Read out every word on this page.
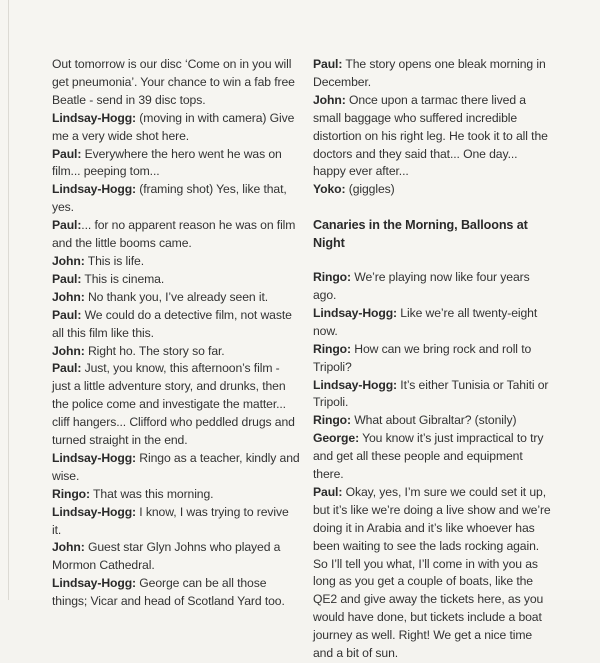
Out tomorrow is our disc ‘Come on in you will get pneumonia’. Your chance to win a fab free Beatle - send in 39 disc tops.

Lindsay-Hogg: (moving in with camera) Give me a very wide shot here.

Paul: Everywhere the hero went he was on film... peeping tom...

Lindsay-Hogg: (framing shot) Yes, like that, yes.

Paul:... for no apparent reason he was on film and the little booms came.

John: This is life.

Paul: This is cinema.

John: No thank you, I’ve already seen it.

Paul: We could do a detective film, not waste all this film like this.

John: Right ho. The story so far.

Paul: Just, you know, this afternoon’s film - just a little adventure story, and drunks, then the police come and investigate the matter... cliff hangers... Clifford who peddled drugs and turned straight in the end.

Lindsay-Hogg: Ringo as a teacher, kindly and wise.

Ringo: That was this morning.

Lindsay-Hogg: I know, I was trying to revive it.

John: Guest star Glyn Johns who played a Mormon Cathedral.

Lindsay-Hogg: George can be all those things; Vicar and head of Scotland Yard too.

Paul: The story opens one bleak morning in December.

John: Once upon a tarmac there lived a small baggage who suffered incredible distortion on his right leg. He took it to all the doctors and they said that... One day... happy ever after...

Yoko: (giggles)

Canaries in the Morning, Balloons at Night

Ringo: We’re playing now like four years ago.

Lindsay-Hogg: Like we’re all twenty-eight now.

Ringo: How can we bring rock and roll to Tripoli?

Lindsay-Hogg: It’s either Tunisia or Tahiti or Tripoli.

Ringo: What about Gibraltar? (stonily)

George: You know it’s just impractical to try and get all these people and equipment there.

Paul: Okay, yes, I’m sure we could set it up, but it’s like we’re doing a live show and we’re doing it in Arabia and it’s like whoever has been waiting to see the lads rocking again. So I’ll tell you what, I’ll come in with you as long as you get a couple of boats, like the QE2 and give away the tickets here, as you would have done, but tickets include a boat journey as well. Right! We get a nice time and a bit of sun.
